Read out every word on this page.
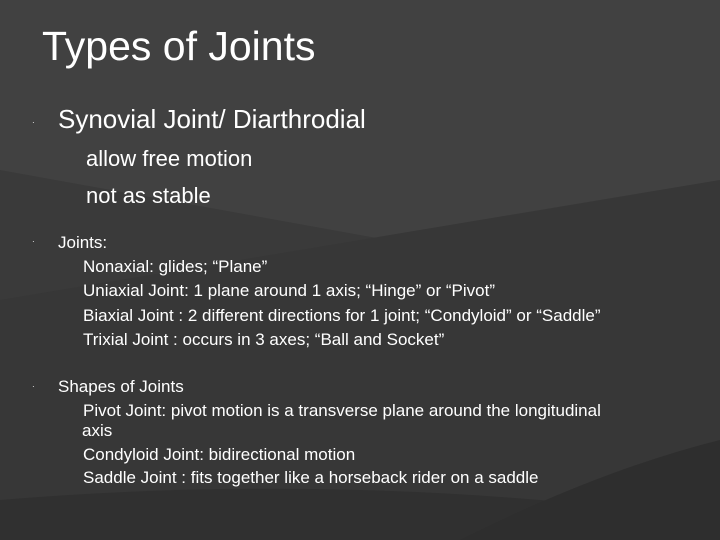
Types of Joints
· Synovial Joint/ Diarthrodial

allow free motion

not as stable

· Joints:

Nonaxial: glides; “Plane”

Uniaxial Joint: 1 plane around 1 axis; “Hinge” or “Pivot”

Biaxial Joint : 2 different directions for 1 joint; “Condyloid” or “Saddle”

Trixial Joint : occurs in 3 axes; “Ball and Socket”

· Shapes of Joints

Pivot Joint: pivot motion is a transverse plane around the longitudinal

axis

Condyloid Joint: bidirectional motion

Saddle Joint : fits together like a horseback rider on a saddle
